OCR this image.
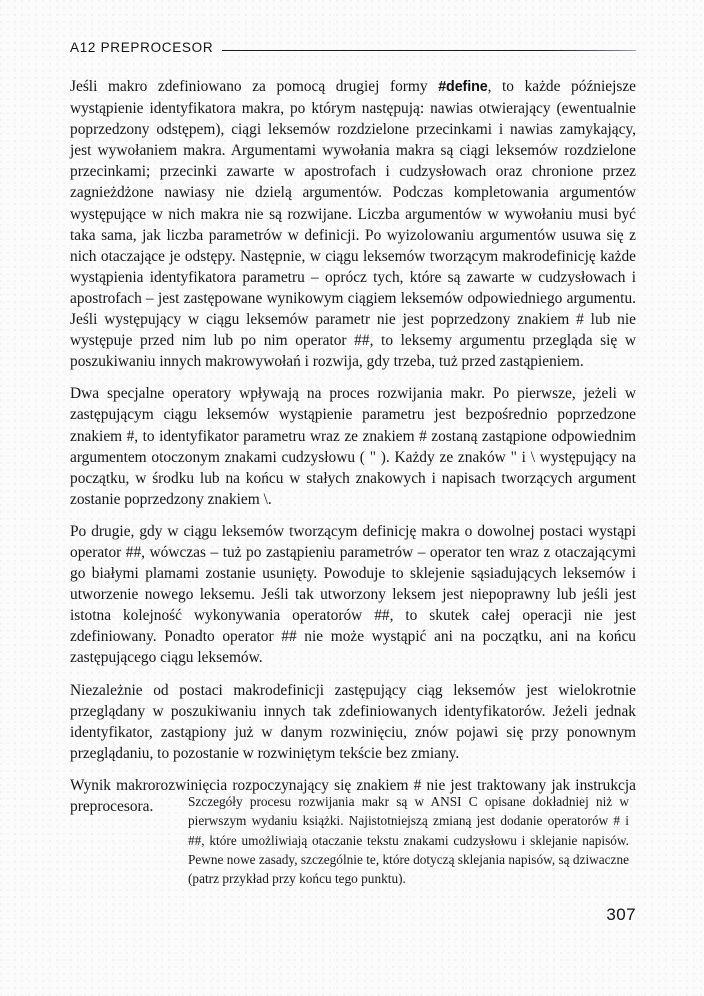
A12 PREPROCESOR

Jeśli makro zdefiniowano za pomocą drugiej formy #define, to każde późniejsze wystąpienie identyfikatora makra, po którym następują: nawias otwierający (ewentualnie poprzedzony odstępem), ciągi leksemów rozdzielone przecinkami i nawias zamykający, jest wywołaniem makra. Argumentami wywołania makra są ciągi leksemów rozdzielone przecinkami; przecinki zawarte w apostrofach i cudzysłowach oraz chronione przez zagnieżdżone nawiasy nie dzielą argumentów. Podczas kompletowania argumentów występujące w nich makra nie są rozwijane. Liczba argumentów w wywołaniu musi być taka sama, jak liczba parametrów w definicji. Po wyizolowaniu argumentów usuwa się z nich otaczające je odstępy. Następnie, w ciągu leksemów tworzącym makrodefinicję każde wystąpienia identyfikatora parametru – oprócz tych, które są zawarte w cudzysłowach i apostrofach – jest zastępowane wynikowym ciągiem leksemów odpowiedniego argumentu. Jeśli występujący w ciągu leksemów parametr nie jest poprzedzony znakiem # lub nie występuje przed nim lub po nim operator ##, to leksemy argumentu przegląda się w poszukiwaniu innych makrowywołań i rozwija, gdy trzeba, tuż przed zastąpieniem.

Dwa specjalne operatory wpływają na proces rozwijania makr. Po pierwsze, jeżeli w zastępującym ciągu leksemów wystąpienie parametru jest bezpośrednio poprzedzone znakiem #, to identyfikator parametru wraz ze znakiem # zostaną zastąpione odpowiednim argumentem otoczonym znakami cudzysłowu ( " ). Każdy ze znaków " i \ występujący na początku, w środku lub na końcu w stałych znakowych i napisach tworzących argument zostanie poprzedzony znakiem \.

Po drugie, gdy w ciągu leksemów tworzącym definicję makra o dowolnej postaci wystąpi operator ##, wówczas – tuż po zastąpieniu parametrów – operator ten wraz z otaczającymi go białymi plamami zostanie usunięty. Powoduje to sklejenie sąsiadujących leksemów i utworzenie nowego leksemu. Jeśli tak utworzony leksem jest niepoprawny lub jeśli jest istotna kolejność wykonywania operatorów ##, to skutek całej operacji nie jest zdefiniowany. Ponadto operator ## nie może wystąpić ani na początku, ani na końcu zastępującego ciągu leksemów.

Niezależnie od postaci makrodefinicji zastępujący ciąg leksemów jest wielokrotnie przeglądany w poszukiwaniu innych tak zdefiniowanych identyfikatorów. Jeżeli jednak identyfikator, zastąpiony już w danym rozwinięciu, znów pojawi się przy ponownym przeglądaniu, to pozostanie w rozwiniętym tekście bez zmiany.

Wynik makrorozwinięcia rozpoczynający się znakiem # nie jest traktowany jak instrukcja preprocesora.	Szczegóły procesu rozwijania makr są w ANSI C opisane dokładniej niż w pierwszym wydaniu książki. Najistotniejszą zmianą jest dodanie operatorów # i ##, które umożliwiają otaczanie tekstu znakami cudzysłowu i sklejanie napisów. Pewne nowe zasady, szczególnie te, które dotyczą sklejania napisów, są dziwaczne (patrz przykład przy końcu tego punktu).

307
